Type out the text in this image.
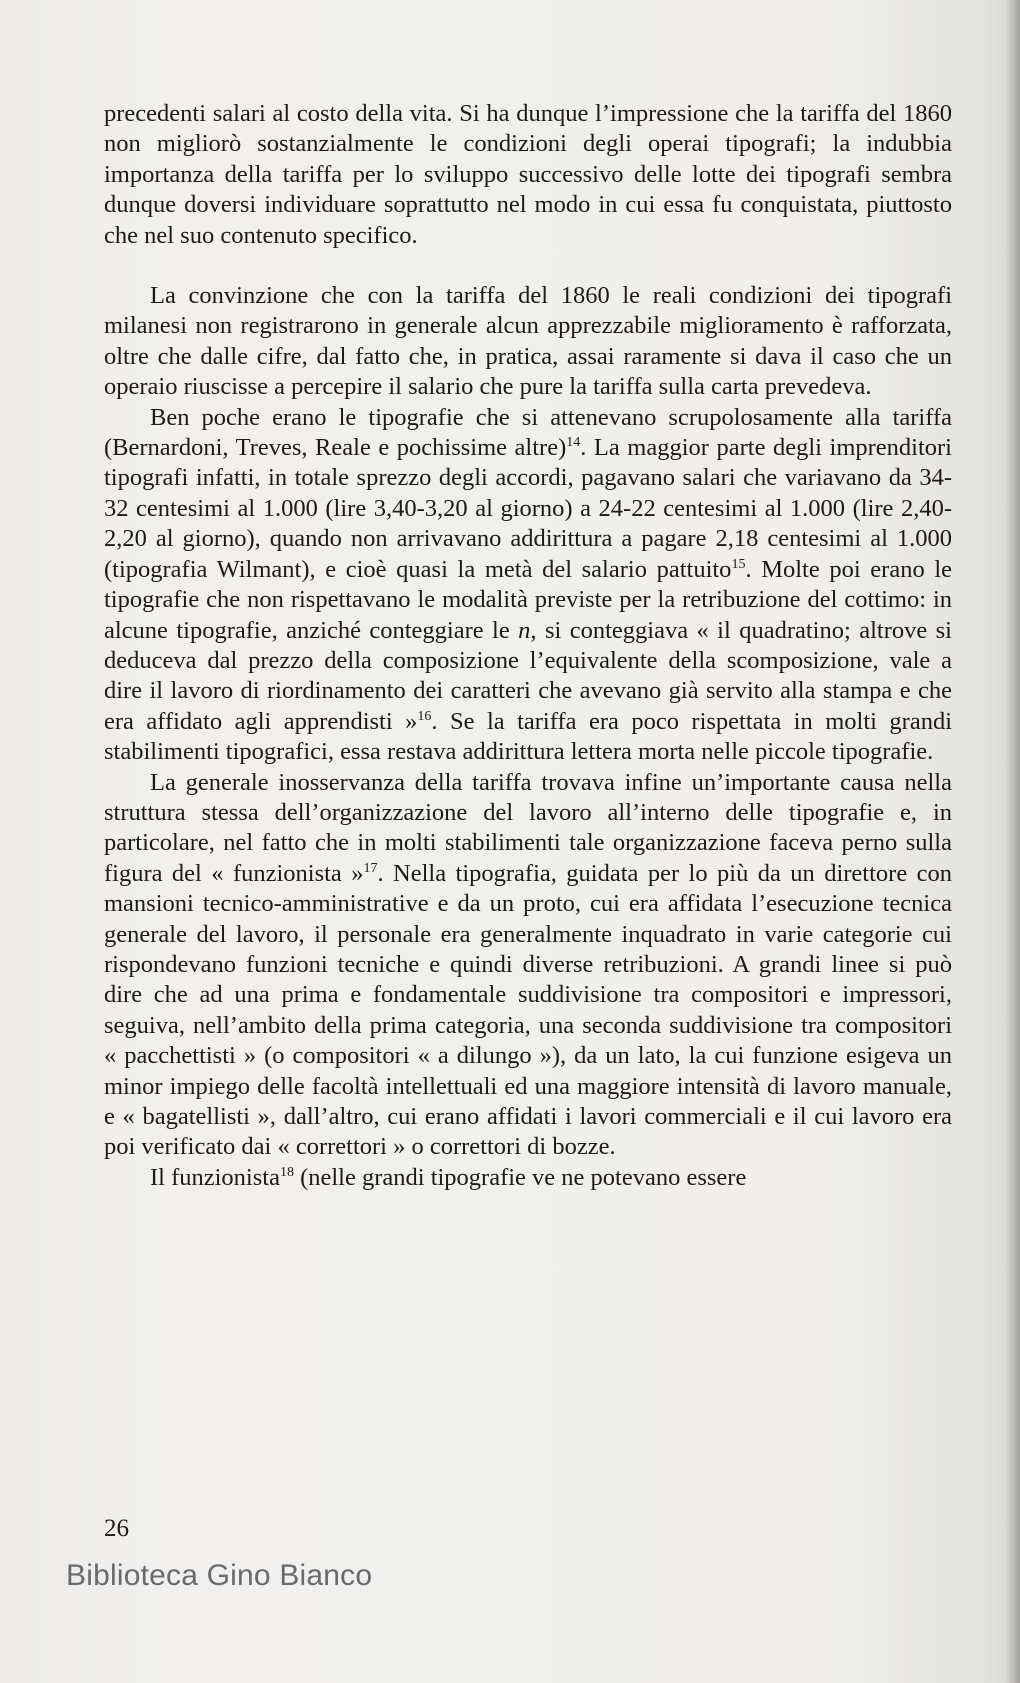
precedenti salari al costo della vita. Si ha dunque l’impressione che la tariffa del 1860 non migliorò sostanzialmente le condizioni degli operai tipografi; la indubbia importanza della tariffa per lo sviluppo successivo delle lotte dei tipografi sembra dunque doversi individuare soprattutto nel modo in cui essa fu conquistata, piuttosto che nel suo contenuto specifico.

La convinzione che con la tariffa del 1860 le reali condizioni dei tipografi milanesi non registrarono in generale alcun apprezzabile miglioramento è rafforzata, oltre che dalle cifre, dal fatto che, in pratica, assai raramente si dava il caso che un operaio riuscisse a percepire il salario che pure la tariffa sulla carta prevedeva.

Ben poche erano le tipografie che si attenevano scrupolosamente alla tariffa (Bernardoni, Treves, Reale e pochissime altre)$^{14}$. La maggior parte degli imprenditori tipografi infatti, in totale sprezzo degli accordi, pagavano salari che variavano da 34-32 centesimi al 1.000 (lire 3,40-3,20 al giorno) a 24-22 centesimi al 1.000 (lire 2,40-2,20 al giorno), quando non arrivavano addirittura a pagare 2,18 centesimi al 1.000 (tipografia Wilmant), e cioè quasi la metà del salario pattuito$^{15}$. Molte poi erano le tipografie che non rispettavano le modalità previste per la retribuzione del cottimo: in alcune tipografie, anziché conteggiare le n, si conteggiava « il quadratino; altrove si deduceva dal prezzo della composizione l’equivalente della scomposizione, vale a dire il lavoro di riordinamento dei caratteri che avevano già servito alla stampa e che era affidato agli apprendisti »$^{16}$. Se la tariffa era poco rispettata in molti grandi stabilimenti tipografici, essa restava addirittura lettera morta nelle piccole tipografie.

La generale inosservanza della tariffa trovava infine un’importante causa nella struttura stessa dell’organizzazione del lavoro all’interno delle tipografie e, in particolare, nel fatto che in molti stabilimenti tale organizzazione faceva perno sulla figura del « funzionista »$^{17}$. Nella tipografia, guidata per lo più da un direttore con mansioni tecnico-amministrative e da un proto, cui era affidata l’esecuzione tecnica generale del lavoro, il personale era generalmente inquadrato in varie categorie cui rispondevano funzioni tecniche e quindi diverse retribuzioni. A grandi linee si può dire che ad una prima e fondamentale suddivisione tra compositori e impressori, seguiva, nell’ambito della prima categoria, una seconda suddivisione tra compositori « pacchettisti » (o compositori « a dilungo »), da un lato, la cui funzione esigeva un minor impiego delle facoltà intellettuali ed una maggiore intensità di lavoro manuale, e « bagatellisti », dall’altro, cui erano affidati i lavori commerciali e il cui lavoro era poi verificato dai « correttori » o correttori di bozze.

Il funzionista$^{18}$ (nelle grandi tipografie ve ne potevano essere

26
Biblioteca Gino Bianco
